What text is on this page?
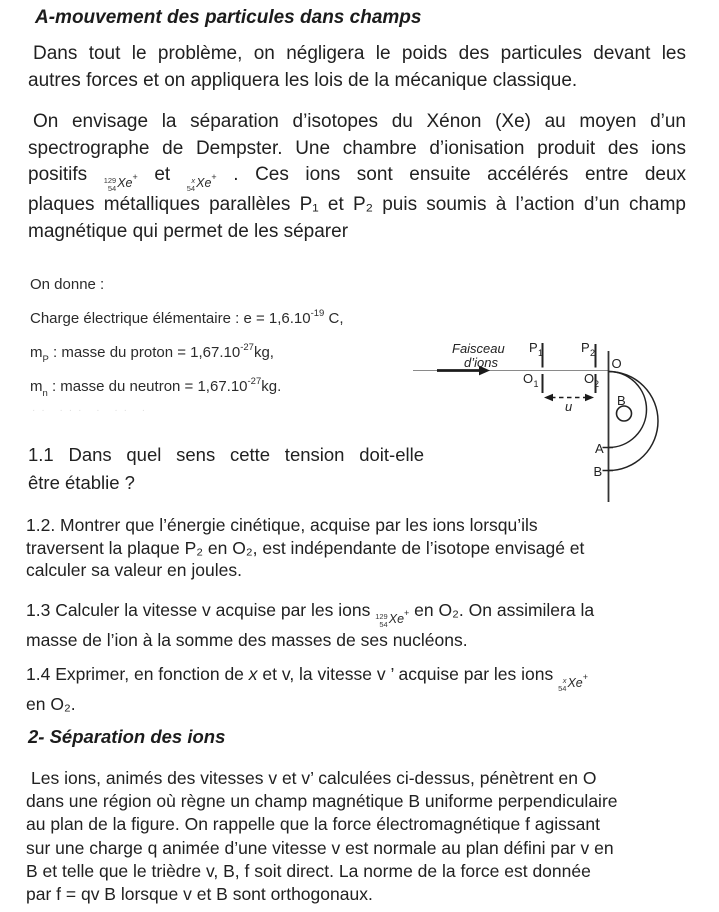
A-mouvement des particules dans champs
Dans tout le problème, on négligera le poids des particules devant les
autres forces et on appliquera les lois de la mécanique classique.
On envisage la séparation d’isotopes du Xénon (Xe) au moyen d’un
spectrographe de Dempster. Une chambre d’ionisation produit des ions
positifs 129
54 Xe + et	x
54 Xe + . Ces ions sont ensuite accélérés entre deux
plaques métalliques parallèles P₁ et P₂ puis soumis à l’action d’un champ
magnétique qui permet de les séparer
On donne :
Charge électrique élémentaire : $e = 1,6.10^{-19}$ C,
$m_P$ : masse du proton = $1,67.10^{-27}kg$,
$m_n$ : masse du neutron = $1,67.10^{-27}kg$.
·· ··· · ·· ·
1.1 Dans quel sens cette tension doit-elle
être établie ?
1.2. Montrer que l’énergie cinétique, acquise par les ions lorsqu’ils
traversent la plaque P₂ en O₂, est indépendante de l’isotope envisagé et
calculer sa valeur en joules.
1.3 Calculer la vitesse v acquise par les ions 129
54 Xe + en O₂. On assimilera la
masse de l’ion à la somme des masses de ses nucléons.
1.4 Exprimer, en fonction de x et v, la vitesse v ’ acquise par les ions x
54 Xe +
en O₂.
2- Séparation des ions
Les ions, animés des vitesses v et v’ calculées ci-dessus, pénètrent en O
dans une région où règne un champ magnétique B uniforme perpendiculaire
au plan de la figure. On rappelle que la force électromagnétique f agissant
sur une charge q animée d’une vitesse v est normale au plan défini par v en
B et telle que le trièdre v, B, f soit direct. La norme de la force est donnée
par f = qv B lorsque v et B sont orthogonaux.
Faisceau
d’ions
P 1
O 1
P 2
O 2
u
O
B
A
B
